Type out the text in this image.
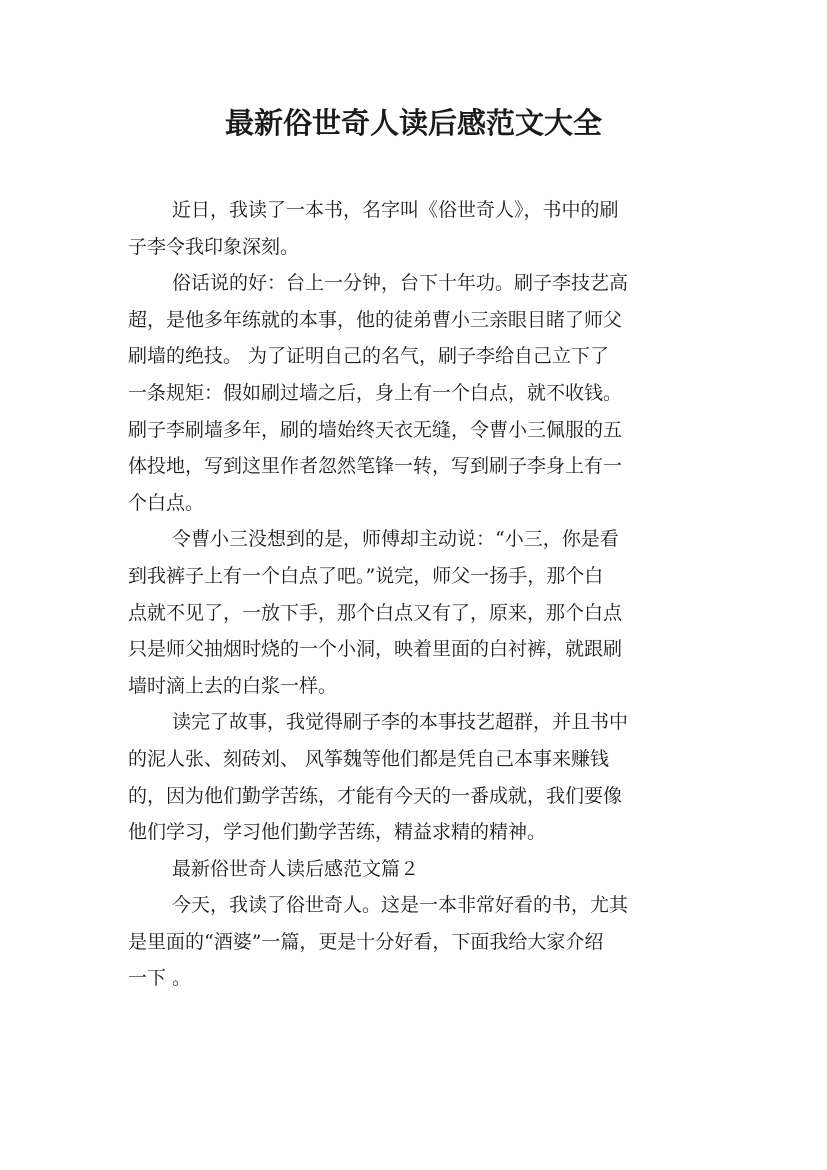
最新俗世奇人读后感范文大全

近日，我读了一本书，名字叫《俗世奇人》，书中的刷
子李令我印象深刻。

俗话说的好：台上一分钟，台下十年功。刷子李技艺高
超，是他多年练就的本事，他的徒弟曹小三亲眼目睹了师父
刷墙的绝技。 为了证明自己的名气，刷子李给自己立下了
一条规矩：假如刷过墙之后，身上有一个白点，就不收钱。
刷子李刷墙多年，刷的墙始终天衣无缝，令曹小三佩服的五
体投地，写到这里作者忽然笔锋一转，写到刷子李身上有一
个白点。

令曹小三没想到的是，师傅却主动说：“小三，你是看
到我裤子上有一个白点了吧。”说完，师父一扬手，那个白
点就不见了，一放下手，那个白点又有了，原来，那个白点
只是师父抽烟时烧的一个小洞，映着里面的白衬裤，就跟刷
墙时滴上去的白浆一样。

读完了故事，我觉得刷子李的本事技艺超群，并且书中
的泥人张、刻砖刘、 风筝魏等他们都是凭自己本事来赚钱
的，因为他们勤学苦练，才能有今天的一番成就，我们要像
他们学习，学习他们勤学苦练，精益求精的精神。

最新俗世奇人读后感范文篇２

今天，我读了俗世奇人。这是一本非常好看的书，尤其
是里面的“酒婆”一篇，更是十分好看，下面我给大家介绍
一下 。
